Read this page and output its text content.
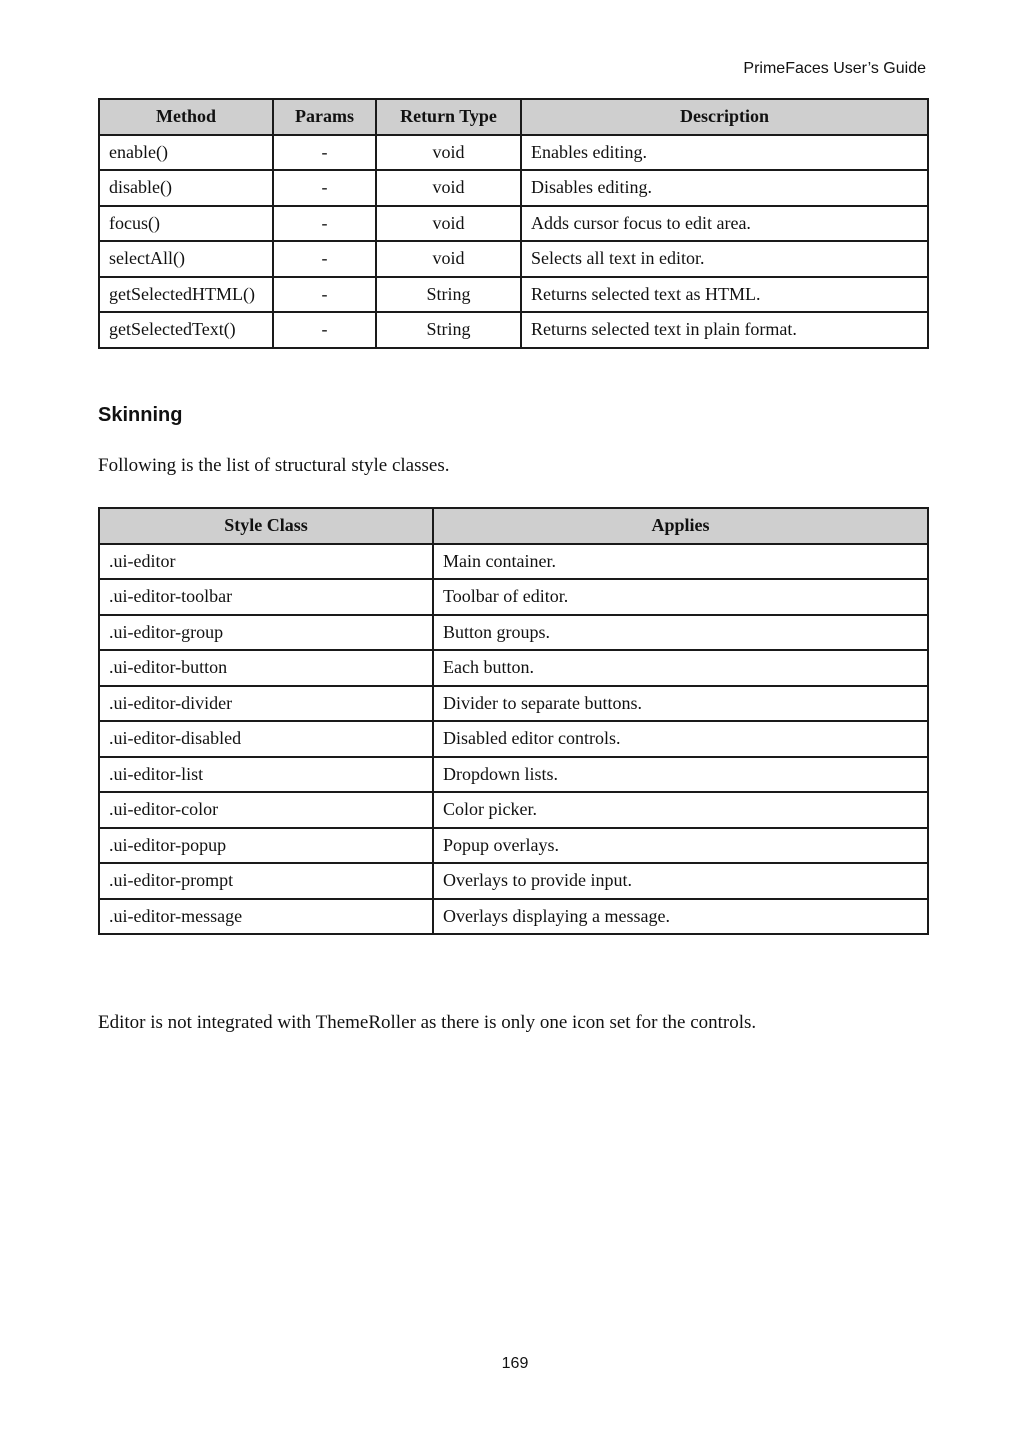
PrimeFaces User’s Guide
Method	Params	Return Type	Description
enable()	-	void	Enables editing.
disable()	-	void	Disables editing.
focus()	-	void	Adds cursor focus to edit area.
selectAll()	-	void	Selects all text in editor.
getSelectedHTML()	-	String	Returns selected text as HTML.
getSelectedText()	-	String	Returns selected text in plain format.
Skinning
Following is the list of structural style classes.
Style Class	Applies
.ui-editor	Main container.
.ui-editor-toolbar	Toolbar of editor.
.ui-editor-group	Button groups.
.ui-editor-button	Each button.
.ui-editor-divider	Divider to separate buttons.
.ui-editor-disabled	Disabled editor controls.
.ui-editor-list	Dropdown lists.
.ui-editor-color	Color picker.
.ui-editor-popup	Popup overlays.
.ui-editor-prompt	Overlays to provide input.
.ui-editor-message	Overlays displaying a message.
Editor is not integrated with ThemeRoller as there is only one icon set for the controls.
169
